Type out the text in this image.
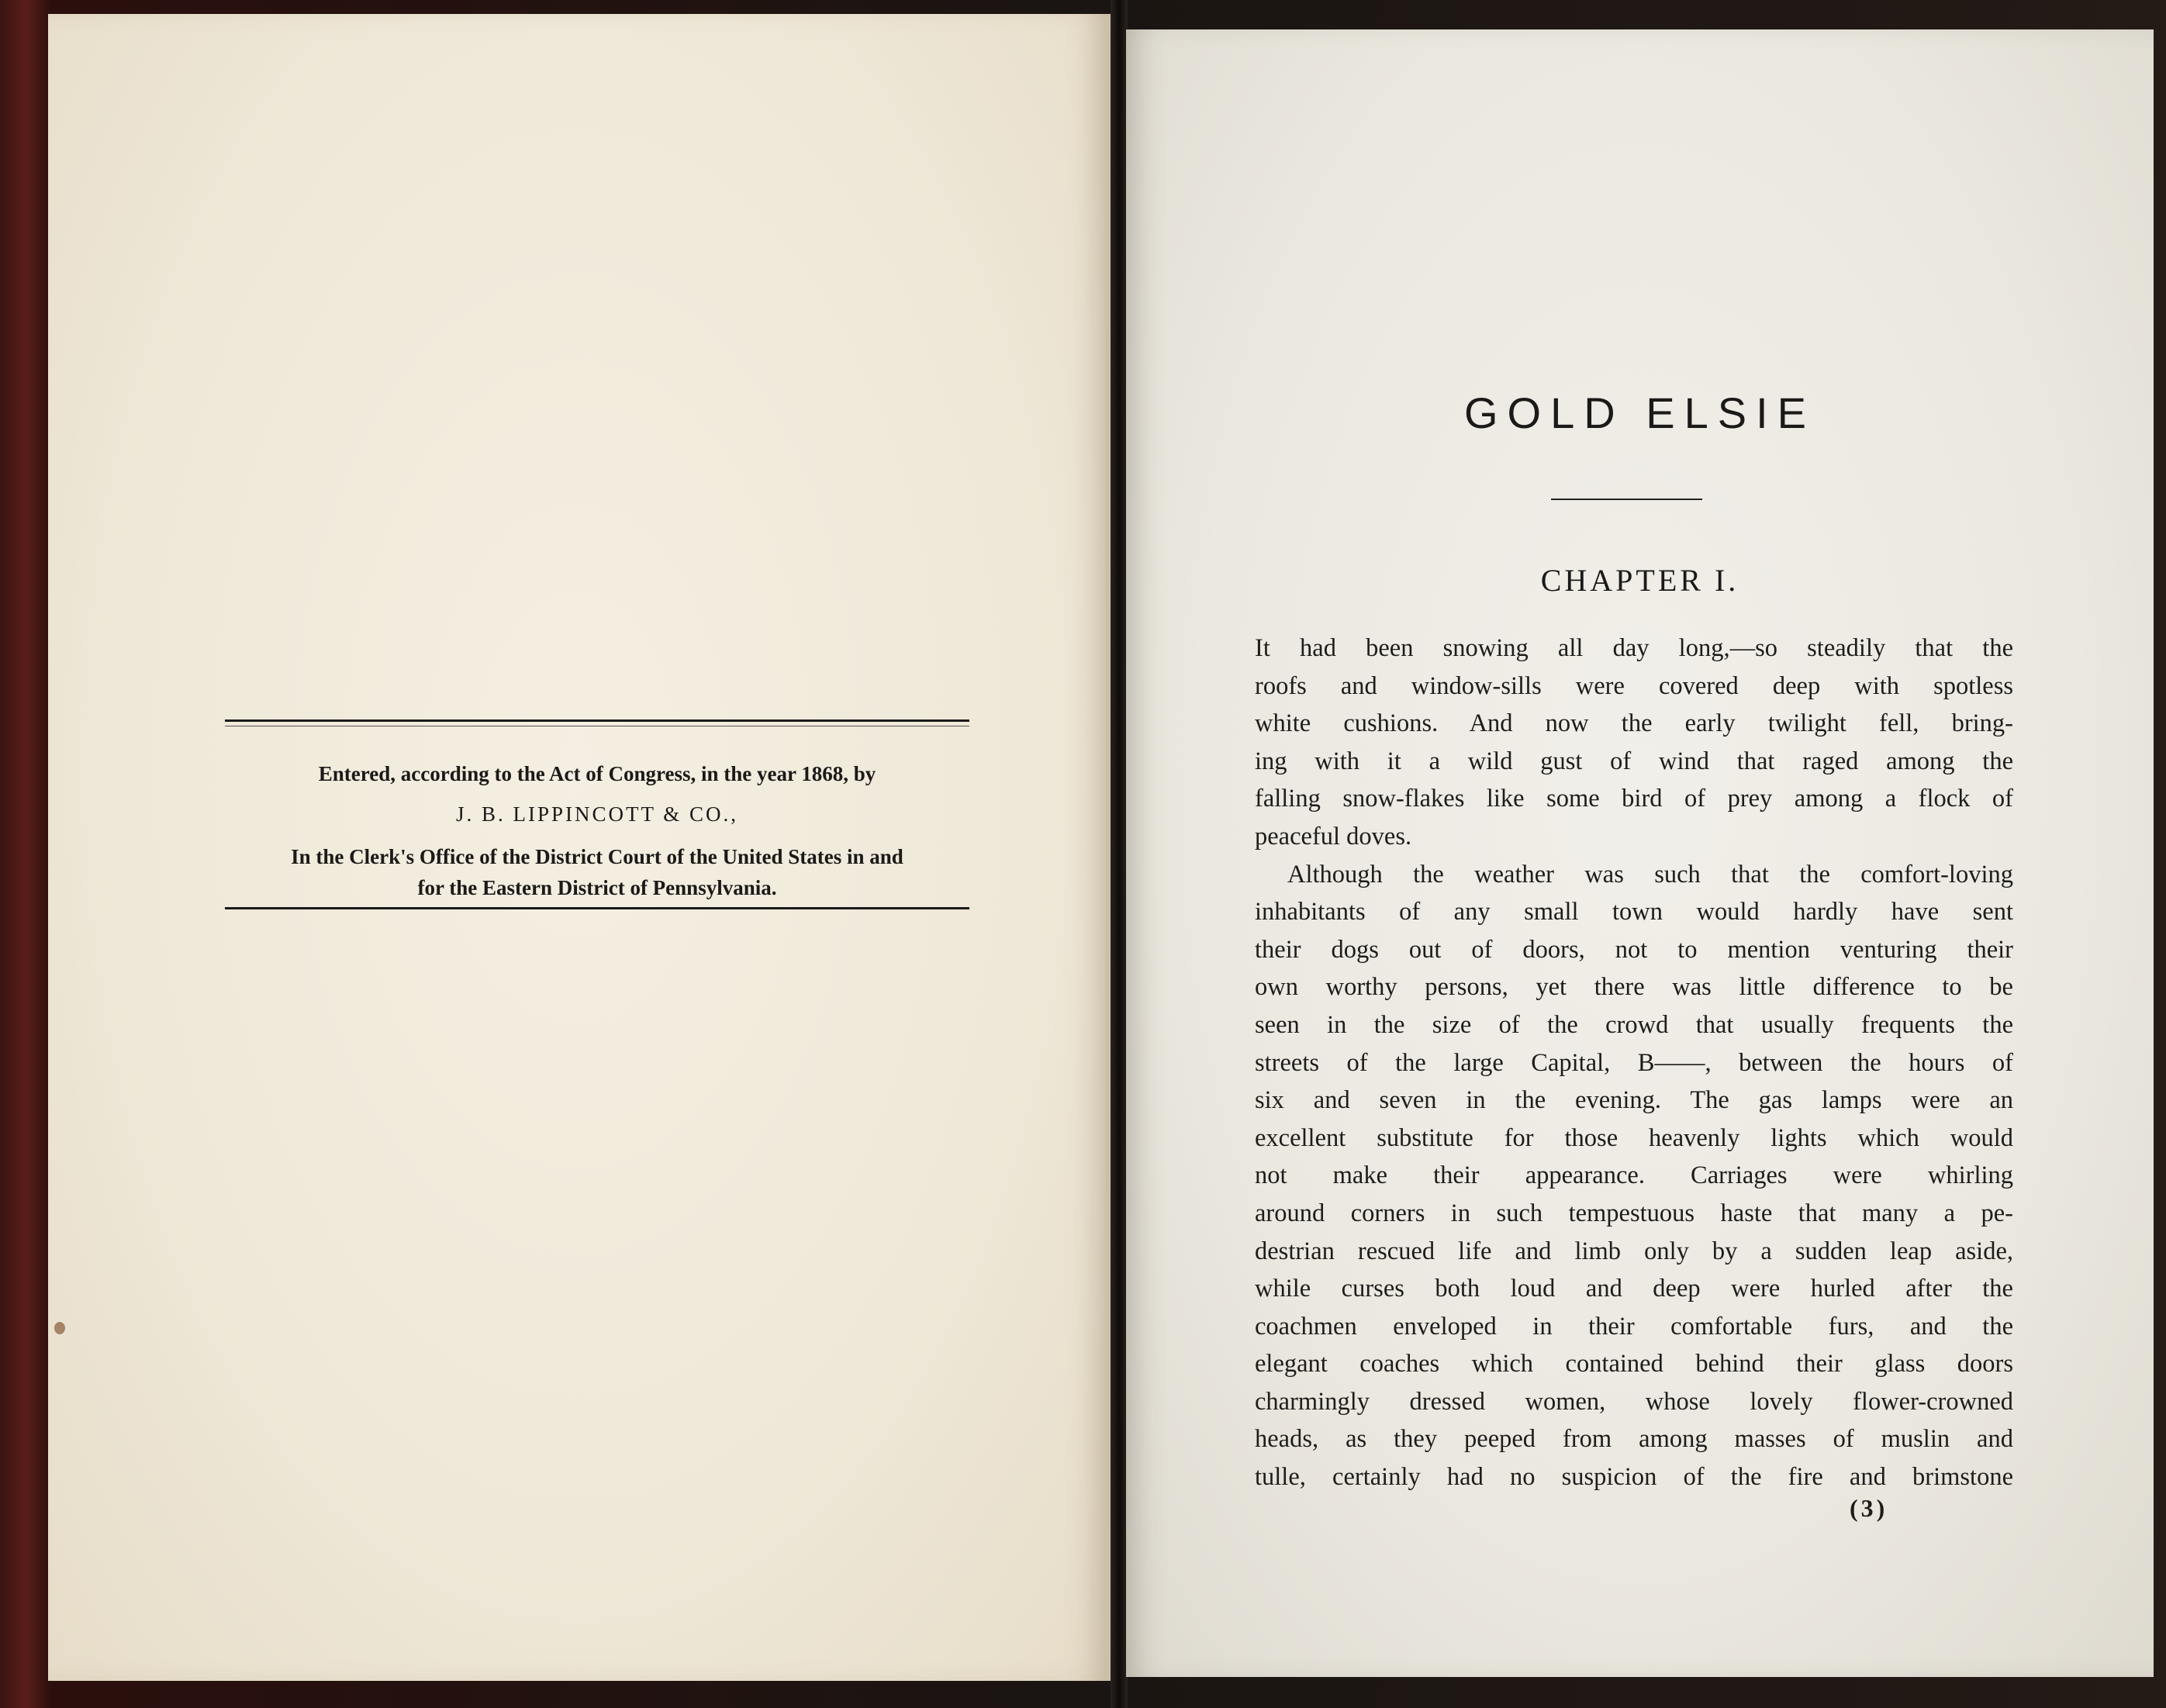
Entered, according to the Act of Congress, in the year 1868, by
J. B. LIPPINCOTT & CO.,
In the Clerk's Office of the District Court of the United States in and
for the Eastern District of Pennsylvania.
GOLD ELSIE
CHAPTER I.
It had been snowing all day long,—so steadily that the
roofs and window-sills were covered deep with spotless
white cushions. And now the early twilight fell, bring-
ing with it a wild gust of wind that raged among the
falling snow-flakes like some bird of prey among a flock of
peaceful doves.
Although the weather was such that the comfort-loving
inhabitants of any small town would hardly have sent
their dogs out of doors, not to mention venturing their
own worthy persons, yet there was little difference to be
seen in the size of the crowd that usually frequents the
streets of the large Capital, B——, between the hours of
six and seven in the evening. The gas lamps were an
excellent substitute for those heavenly lights which would
not make their appearance. Carriages were whirling
around corners in such tempestuous haste that many a pe-
destrian rescued life and limb only by a sudden leap aside,
while curses both loud and deep were hurled after the
coachmen enveloped in their comfortable furs, and the
elegant coaches which contained behind their glass doors
charmingly dressed women, whose lovely flower-crowned
heads, as they peeped from among masses of muslin and
tulle, certainly had no suspicion of the fire and brimstone
(3)
